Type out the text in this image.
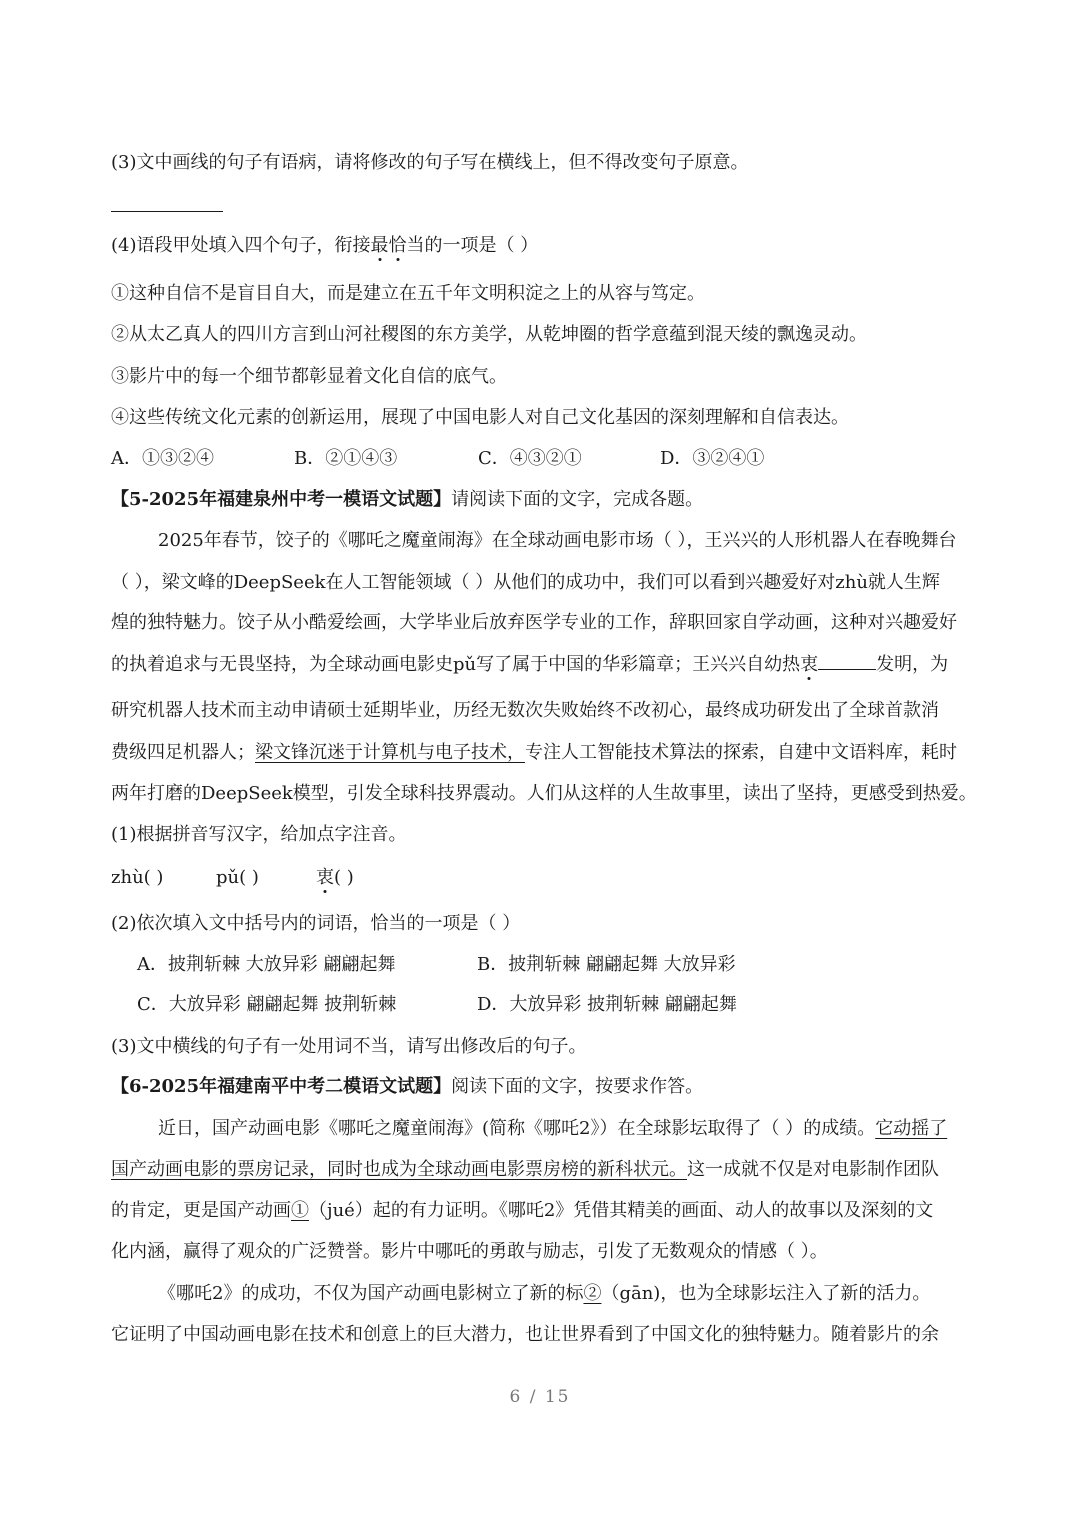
(3)文中画线的句子有语病，请将修改的句子写在横线上，但不得改变句子原意。
(4)语段甲处填入四个句子，衔接最恰当的一项是（ ）
①这种自信不是盲目自大，而是建立在五千年文明积淀之上的从容与笃定。
②从太乙真人的四川方言到山河社稷图的东方美学，从乾坤圈的哲学意蕴到混天绫的飘逸灵动。
③影片中的每一个细节都彰显着文化自信的底气。
④这些传统文化元素的创新运用，展现了中国电影人对自己文化基因的深刻理解和自信表达。
A．①③②④	B．②①④③	C．④③②①	D．③②④①
【5-2025年福建泉州中考一模语文试题】请阅读下面的文字，完成各题。
2025年春节，饺子的《哪吒之魔童闹海》在全球动画电影市场（ ），王兴兴的人形机器人在春晚舞台
（ ），梁文峰的DeepSeek在人工智能领域（ ）从他们的成功中，我们可以看到兴趣爱好对zhù就人生辉
煌的独特魅力。饺子从小酷爱绘画，大学毕业后放弃医学专业的工作，辞职回家自学动画，这种对兴趣爱好
的执着追求与无畏坚持，为全球动画电影史pǔ写了属于中国的华彩篇章；王兴兴自幼热衷	发明，为
研究机器人技术而主动申请硕士延期毕业，历经无数次失败始终不改初心，最终成功研发出了全球首款消
费级四足机器人；梁文锋沉迷于计算机与电子技术，专注人工智能技术算法的探索，自建中文语料库，耗时
两年打磨的DeepSeek模型，引发全球科技界震动。人们从这样的人生故事里，读出了坚持，更感受到热爱。
(1)根据拼音写汉字，给加点字注音。
zhù( )	pǔ( )	衷( )
(2)依次填入文中括号内的词语，恰当的一项是（ ）
A．披荆斩棘 大放异彩 翩翩起舞	B．披荆斩棘 翩翩起舞 大放异彩
C．大放异彩 翩翩起舞 披荆斩棘	D．大放异彩 披荆斩棘 翩翩起舞
(3)文中横线的句子有一处用词不当，请写出修改后的句子。
【6-2025年福建南平中考二模语文试题】阅读下面的文字，按要求作答。
近日，国产动画电影《哪吒之魔童闹海》(简称《哪吒2》）在全球影坛取得了（ ）的成绩。它动摇了
国产动画电影的票房记录，同时也成为全球动画电影票房榜的新科状元。这一成就不仅是对电影制作团队
的肯定，更是国产动画①（jué）起的有力证明。《哪吒2》凭借其精美的画面、动人的故事以及深刻的文
化内涵，赢得了观众的广泛赞誉。影片中哪吒的勇敢与励志，引发了无数观众的情感（ ）。
《哪吒2》的成功，不仅为国产动画电影树立了新的标②（gān)，也为全球影坛注入了新的活力。
它证明了中国动画电影在技术和创意上的巨大潜力，也让世界看到了中国文化的独特魅力。随着影片的余
6 / 15
